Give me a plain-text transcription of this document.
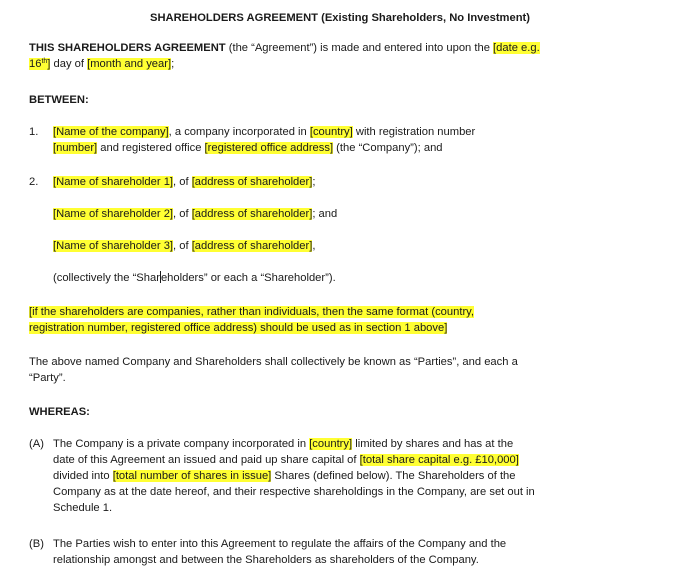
SHAREHOLDERS AGREEMENT (Existing Shareholders, No Investment)
THIS SHAREHOLDERS AGREEMENT (the “Agreement”) is made and entered into upon the [date e.g.
16th] day of [month and year];
BETWEEN:
1. [Name of the company], a company incorporated in [country] with registration number
[number] and registered office [registered office address] (the “Company”); and
2. [Name of shareholder 1], of [address of shareholder];
[Name of shareholder 2], of [address of shareholder]; and
[Name of shareholder 3], of [address of shareholder],
(collectively the “Shareholders” or each a “Shareholder”).
[if the shareholders are companies, rather than individuals, then the same format (country,
registration number, registered office address) should be used as in section 1 above]
The above named Company and Shareholders shall collectively be known as “Parties”, and each a
“Party”.
WHEREAS:
(A) The Company is a private company incorporated in [country] limited by shares and has at the
date of this Agreement an issued and paid up share capital of [total share capital e.g. £10,000]
divided into [total number of shares in issue] Shares (defined below). The Shareholders of the
Company as at the date hereof, and their respective shareholdings in the Company, are set out in
Schedule 1.
(B) The Parties wish to enter into this Agreement to regulate the affairs of the Company and the
relationship amongst and between the Shareholders as shareholders of the Company.
